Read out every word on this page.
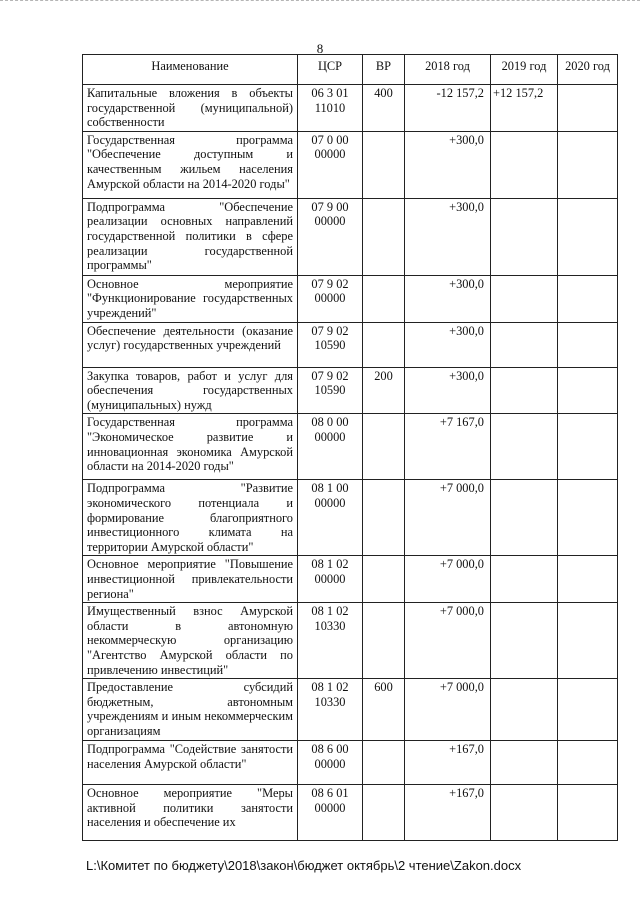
8
Наименование	ЦСР	ВР	2018 год	2019 год	2020 год
Капитальные вложения в объекты государственной (муниципальной) собственности	06 3 01 11010	400	-12 157,2	+12 157,2	
Государственная программа "Обеспечение доступным и качественным жильем населения Амурской области на 2014-2020 годы"	07 0 00 00000		+300,0		
Подпрограмма "Обеспечение реализации основных направлений государственной политики в сфере реализации государственной программы"	07 9 00 00000		+300,0		
Основное мероприятие "Функционирование государственных учреждений"	07 9 02 00000		+300,0		
Обеспечение деятельности (оказание услуг) государственных учреждений	07 9 02 10590		+300,0		
Закупка товаров, работ и услуг для обеспечения государственных (муниципальных) нужд	07 9 02 10590	200	+300,0		
Государственная программа "Экономическое развитие и инновационная экономика Амурской области на 2014-2020 годы"	08 0 00 00000		+7 167,0		
Подпрограмма "Развитие экономического потенциала и формирование благоприятного инвестиционного климата на территории Амурской области"	08 1 00 00000		+7 000,0		
Основное мероприятие "Повышение инвестиционной привлекательности региона"	08 1 02 00000		+7 000,0		
Имущественный взнос Амурской области в автономную некоммерческую организацию "Агентство Амурской области по привлечению инвестиций"	08 1 02 10330		+7 000,0		
Предоставление субсидий бюджетным, автономным учреждениям и иным некоммерческим организациям	08 1 02 10330	600	+7 000,0		
Подпрограмма "Содействие занятости населения Амурской области"	08 6 00 00000		+167,0		
Основное мероприятие "Меры активной политики занятости населения и обеспечение их	08 6 01 00000		+167,0		
L:\Комитет по бюджету\2018\закон\бюджет октябрь\2 чтение\Zakon.docx
